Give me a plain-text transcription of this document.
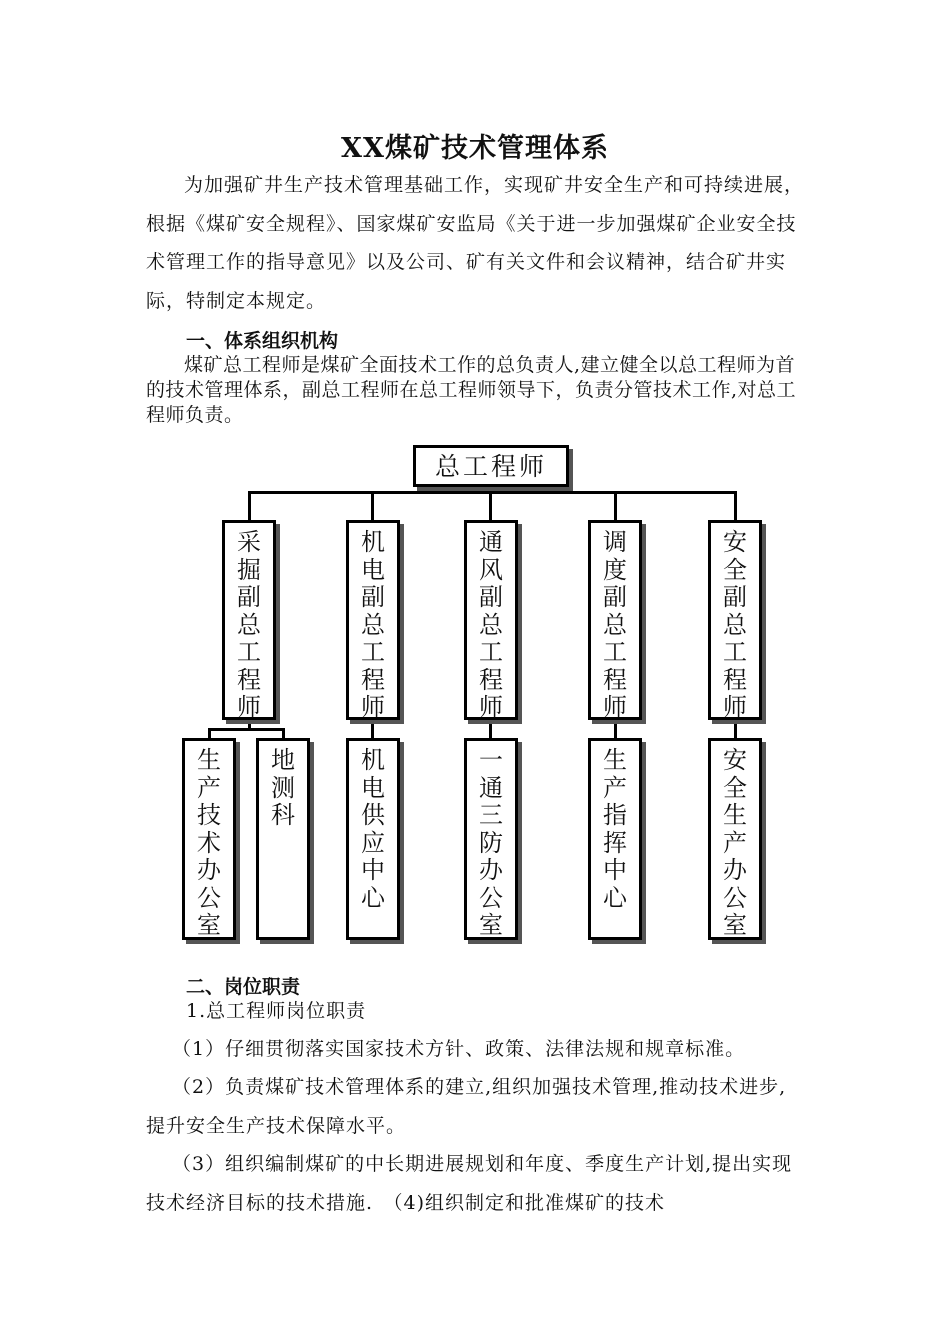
XX煤矿技术管理体系

为加强矿井生产技术管理基础工作，实现矿井安全生产和可持续进展，根据《煤矿安全规程》、国家煤矿安监局《关于进一步加强煤矿企业安全技术管理工作的指导意见》以及公司、矿有关文件和会议精神，结合矿井实际，特制定本规定。

一、体系组织机构

煤矿总工程师是煤矿全面技术工作的总负责人,建立健全以总工程师为首的技术管理体系，副总工程师在总工程师领导下，负责分管技术工作,对总工程师负责。

总工程师
采掘副总工程师
机电副总工程师
通风副总工程师
调度副总工程师
安全副总工程师
生产技术办公室
地测科
机电供应中心
一通三防办公室
生产指挥中心
安全生产办公室

二、岗位职责

1.总工程师岗位职责

（1）仔细贯彻落实国家技术方针、政策、法律法规和规章标准。

（2）负责煤矿技术管理体系的建立,组织加强技术管理,推动技术进步,提升安全生产技术保障水平。

（3）组织编制煤矿的中长期进展规划和年度、季度生产计划,提出实现技术经济目标的技术措施.　（4)组织制定和批准煤矿的技术
